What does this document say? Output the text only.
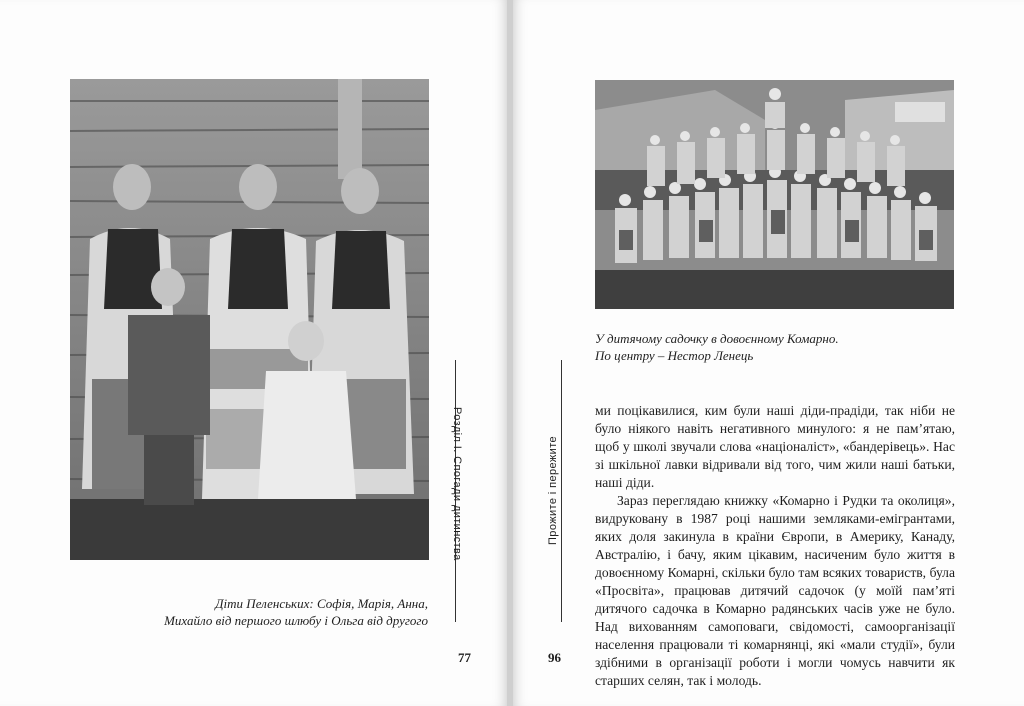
Діти Пеленських: Софія, Марія, Анна,
Михайло від першого шлюбу і Ольга від другого
Розділ І. Спогади дитинства
77
У дитячому садочку в довоєнному Комарно.
По центру – Нестор Ленець
Прожите і пережите

ми поцікавилися, ким були наші діди-прадіди, так ніби не було ніякого навіть негативного минулого: я не пам’ятаю, щоб у школі звучали слова «націоналіст», «бандерівець». Нас зі шкільної лавки відривали від того, чим жили наші батьки, наші діди.

Зараз переглядаю книжку «Комарно і Рудки та околиця», видруковану в 1987 році нашими земляками-емігрантами, яких доля закинула в країни Європи, в Америку, Канаду, Австралію, і бачу, яким цікавим, насиченим було життя в довоєнному Комарні, скільки було там всяких товариств, була «Просвіта», працював дитячий садочок (у моїй пам’яті дитячого садочка в Комарно радянських часів уже не було. Над вихованням самоповаги, свідомості, самоорганізації населення працювали ті комарнянці, які «мали студії», були здібними в організації роботи і могли чомусь навчити як старших селян, так і молодь.

96
